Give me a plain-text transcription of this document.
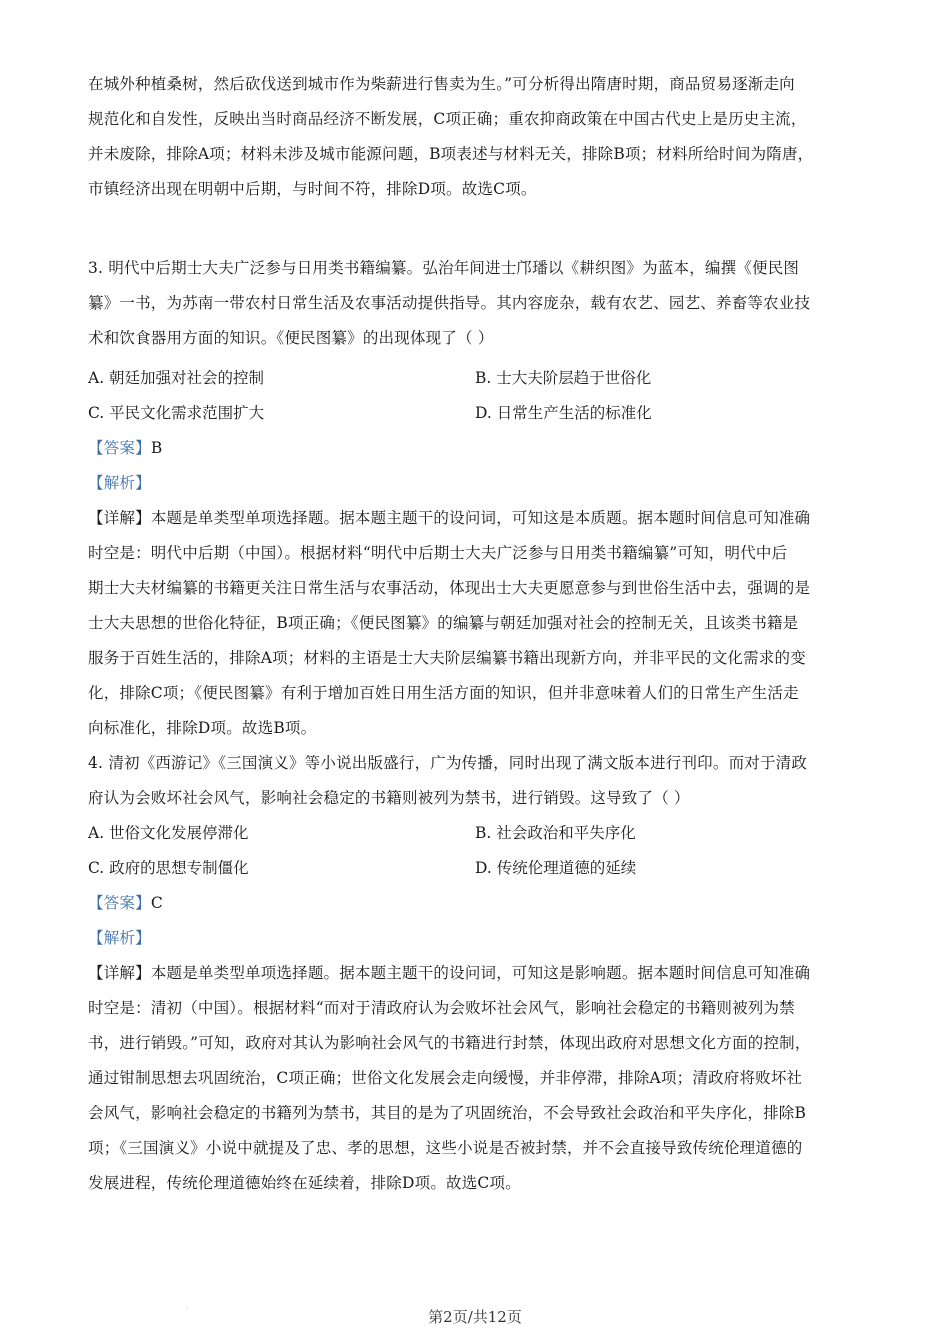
在城外种植桑树，然后砍伐送到城市作为柴薪进行售卖为生。”可分析得出隋唐时期，商品贸易逐渐走向
规范化和自发性，反映出当时商品经济不断发展，C项正确；重农抑商政策在中国古代史上是历史主流，
并未废除，排除A项；材料未涉及城市能源问题，B项表述与材料无关，排除B项；材料所给时间为隋唐，
市镇经济出现在明朝中后期，与时间不符，排除D项。故选C项。
3. 明代中后期士大夫广泛参与日用类书籍编纂。弘治年间进士邝璠以《耕织图》为蓝本，编撰《便民图
纂》一书，为苏南一带农村日常生活及农事活动提供指导。其内容庞杂，载有农艺、园艺、养畜等农业技
术和饮食器用方面的知识。《便民图纂》的出现体现了（ ）
A. 朝廷加强对社会的控制	B. 士大夫阶层趋于世俗化
C. 平民文化需求范围扩大	D. 日常生产生活的标准化
【答案】B
【解析】
【详解】本题是单类型单项选择题。据本题主题干的设问词，可知这是本质题。据本题时间信息可知准确
时空是：明代中后期（中国）。根据材料“明代中后期士大夫广泛参与日用类书籍编纂”可知，明代中后
期士大夫材编纂的书籍更关注日常生活与农事活动，体现出士大夫更愿意参与到世俗生活中去，强调的是
士大夫思想的世俗化特征，B项正确；《便民图纂》的编纂与朝廷加强对社会的控制无关，且该类书籍是
服务于百姓生活的，排除A项；材料的主语是士大夫阶层编纂书籍出现新方向，并非平民的文化需求的变
化，排除C项；《便民图纂》有利于增加百姓日用生活方面的知识，但并非意味着人们的日常生产生活走
向标准化，排除D项。故选B项。
4. 清初《西游记》《三国演义》等小说出版盛行，广为传播，同时出现了满文版本进行刊印。而对于清政
府认为会败坏社会风气，影响社会稳定的书籍则被列为禁书，进行销毁。这导致了（ ）
A. 世俗文化发展停滞化	B. 社会政治和平失序化
C. 政府的思想专制僵化	D. 传统伦理道德的延续
【答案】C
【解析】
【详解】本题是单类型单项选择题。据本题主题干的设问词，可知这是影响题。据本题时间信息可知准确
时空是：清初（中国）。根据材料“而对于清政府认为会败坏社会风气，影响社会稳定的书籍则被列为禁
书，进行销毁。”可知，政府对其认为影响社会风气的书籍进行封禁，体现出政府对思想文化方面的控制，
通过钳制思想去巩固统治，C项正确；世俗文化发展会走向缓慢，并非停滞，排除A项；清政府将败坏社
会风气，影响社会稳定的书籍列为禁书，其目的是为了巩固统治，不会导致社会政治和平失序化，排除B
项；《三国演义》小说中就提及了忠、孝的思想，这些小说是否被封禁，并不会直接导致传统伦理道德的
发展进程，传统伦理道德始终在延续着，排除D项。故选C项。
.
第2页/共12页
